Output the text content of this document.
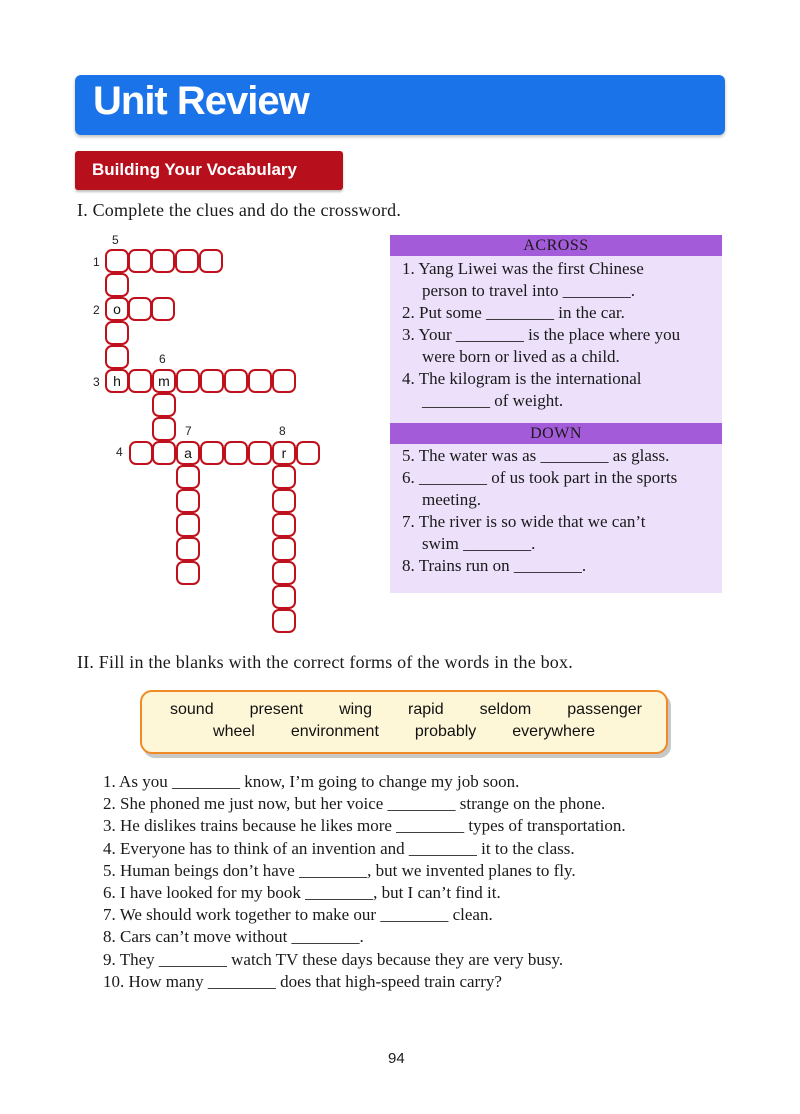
Unit Review
Building Your Vocabulary
I. Complete the clues and do the crossword.
5
1
2
6
3
7	8
4
o
h	m
a	r
ACROSS
1. Yang Liwei was the first Chinese
person to travel into ________.
2. Put some ________ in the car.
3. Your ________ is the place where you
were born or lived as a child.
4. The kilogram is the international
________ of weight.
DOWN
5. The water was as ________ as glass.
6. ________ of us took part in the sports
meeting.
7. The river is so wide that we can’t
swim ________.
8. Trains run on ________.
II. Fill in the blanks with the correct forms of the words in the box.
sound present wing rapid seldom passenger
wheel environment probably everywhere
1. As you ________ know, I’m going to change my job soon.
2. She phoned me just now, but her voice ________ strange on the phone.
3. He dislikes trains because he likes more ________ types of transportation.
4. Everyone has to think of an invention and ________ it to the class.
5. Human beings don’t have ________, but we invented planes to fly.
6. I have looked for my book ________, but I can’t find it.
7. We should work together to make our ________ clean.
8. Cars can’t move without ________.
9. They ________ watch TV these days because they are very busy.
10. How many ________ does that high-speed train carry?
94
